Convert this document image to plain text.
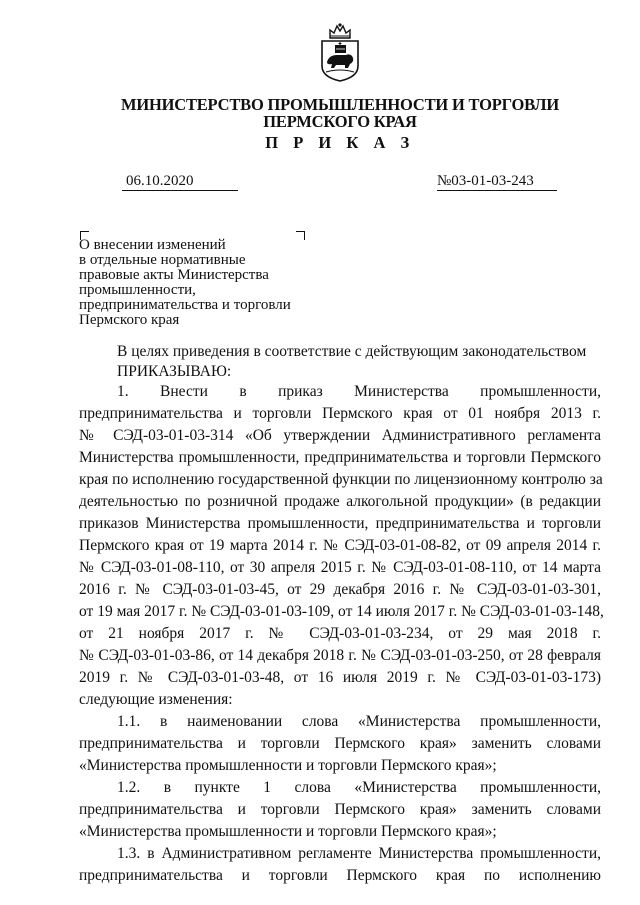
МИНИСТЕРСТВО ПРОМЫШЛЕННОСТИ И ТОРГОВЛИ
ПЕРМСКОГО КРАЯ
П Р И К А З
06.10.2020	№03-01-03-243
О внесении изменений
в отдельные нормативные
правовые акты Министерства
промышленности,
предпринимательства и торговли
Пермского края
В целях приведения в соответствие с действующим законодательством
ПРИКАЗЫВАЮ:
1. Внести в приказ Министерства промышленности,
предпринимательства и торговли Пермского края от 01 ноября 2013 г.
№ СЭД-03-01-03-314 «Об утверждении Административного регламента
Министерства промышленности, предпринимательства и торговли Пермского
края по исполнению государственной функции по лицензионному контролю за
деятельностью по розничной продаже алкогольной продукции» (в редакции
приказов Министерства промышленности, предпринимательства и торговли
Пермского края от 19 марта 2014 г. № СЭД-03-01-08-82, от 09 апреля 2014 г.
№ СЭД-03-01-08-110, от 30 апреля 2015 г. № СЭД-03-01-08-110, от 14 марта
2016 г. № СЭД-03-01-03-45, от 29 декабря 2016 г. № СЭД-03-01-03-301,
от 19 мая 2017 г. № СЭД-03-01-03-109, от 14 июля 2017 г. № СЭД-03-01-03-148,
от 21 ноября 2017 г. № СЭД-03-01-03-234, от 29 мая 2018 г.
№ СЭД-03-01-03-86, от 14 декабря 2018 г. № СЭД-03-01-03-250, от 28 февраля
2019 г. № СЭД-03-01-03-48, от 16 июля 2019 г. № СЭД-03-01-03-173)
следующие изменения:
1.1. в наименовании слова «Министерства промышленности,
предпринимательства и торговли Пермского края» заменить словами
«Министерства промышленности и торговли Пермского края»;
1.2. в пункте 1 слова «Министерства промышленности,
предпринимательства и торговли Пермского края» заменить словами
«Министерства промышленности и торговли Пермского края»;
1.3. в Административном регламенте Министерства промышленности,
предпринимательства и торговли Пермского края по исполнению
